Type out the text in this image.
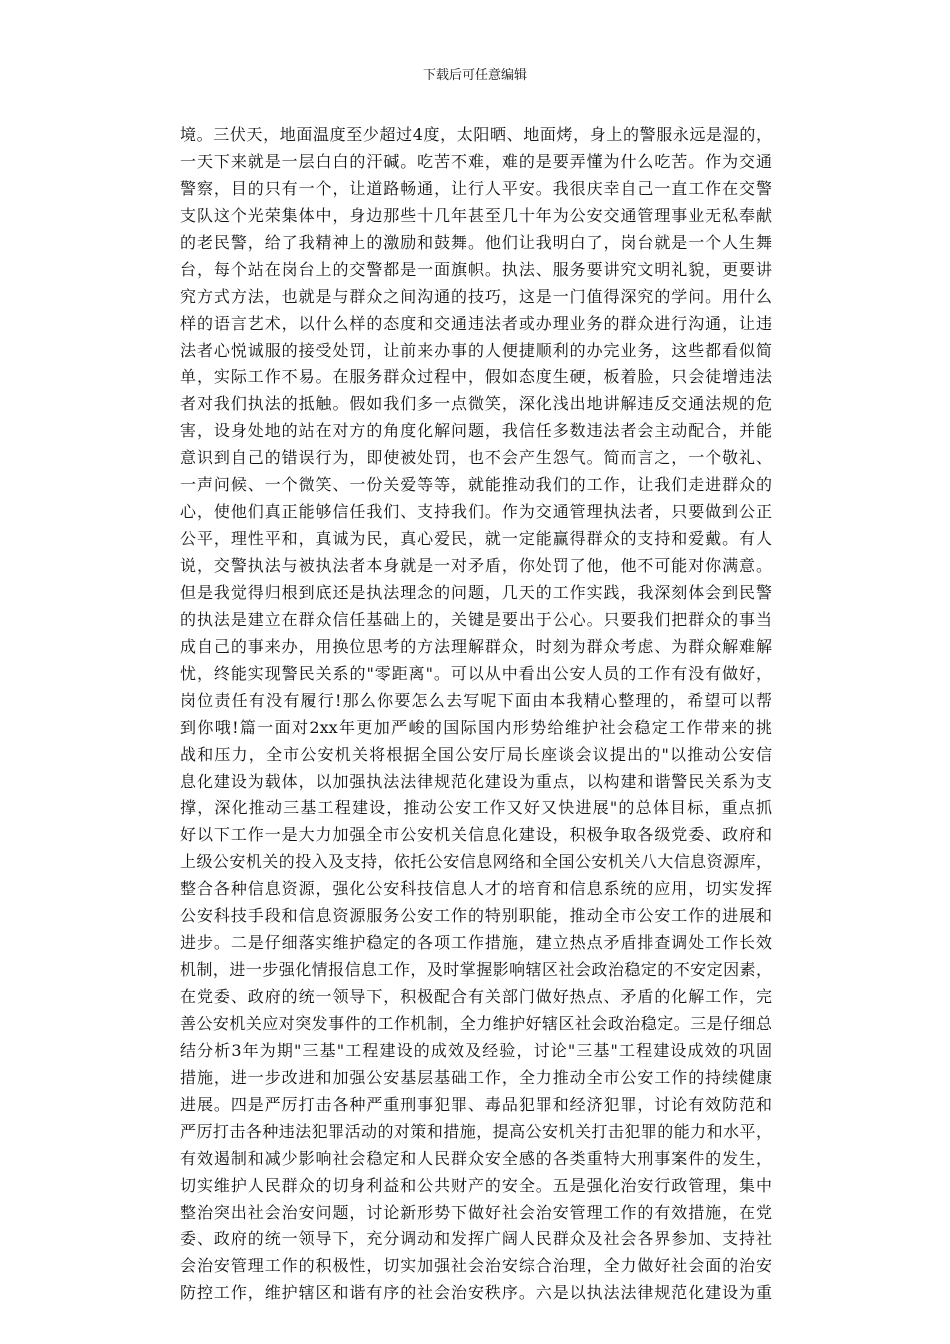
下载后可任意编辑
境。三伏天，地面温度至少超过4度，太阳晒、地面烤，身上的警服永远是湿的，
一天下来就是一层白白的汗碱。吃苦不难，难的是要弄懂为什么吃苦。作为交通
警察，目的只有一个，让道路畅通，让行人平安。我很庆幸自己一直工作在交警
支队这个光荣集体中，身边那些十几年甚至几十年为公安交通管理事业无私奉献
的老民警，给了我精神上的激励和鼓舞。他们让我明白了，岗台就是一个人生舞
台，每个站在岗台上的交警都是一面旗帜。执法、服务要讲究文明礼貌，更要讲
究方式方法，也就是与群众之间沟通的技巧，这是一门值得深究的学问。用什么
样的语言艺术，以什么样的态度和交通违法者或办理业务的群众进行沟通，让违
法者心悦诚服的接受处罚，让前来办事的人便捷顺利的办完业务，这些都看似简
单，实际工作不易。在服务群众过程中，假如态度生硬，板着脸，只会徒增违法
者对我们执法的抵触。假如我们多一点微笑，深化浅出地讲解违反交通法规的危
害，设身处地的站在对方的角度化解问题，我信任多数违法者会主动配合，并能
意识到自己的错误行为，即使被处罚，也不会产生怨气。简而言之，一个敬礼、
一声问候、一个微笑、一份关爱等等，就能推动我们的工作，让我们走进群众的
心，使他们真正能够信任我们、支持我们。作为交通管理执法者，只要做到公正
公平，理性平和，真诚为民，真心爱民，就一定能赢得群众的支持和爱戴。有人
说，交警执法与被执法者本身就是一对矛盾，你处罚了他，他不可能对你满意。
但是我觉得归根到底还是执法理念的问题，几天的工作实践，我深刻体会到民警
的执法是建立在群众信任基础上的，关键是要出于公心。只要我们把群众的事当
成自己的事来办，用换位思考的方法理解群众，时刻为群众考虑、为群众解难解
忧，终能实现警民关系的"零距离"。可以从中看出公安人员的工作有没有做好，
岗位责任有没有履行!那么你要怎么去写呢下面由本我精心整理的，希望可以帮
到你哦!篇一面对2xx年更加严峻的国际国内形势给维护社会稳定工作带来的挑
战和压力，全市公安机关将根据全国公安厅局长座谈会议提出的"以推动公安信
息化建设为载体，以加强执法法律规范化建设为重点，以构建和谐警民关系为支
撑，深化推动三基工程建设，推动公安工作又好又快进展"的总体目标，重点抓
好以下工作一是大力加强全市公安机关信息化建设，积极争取各级党委、政府和
上级公安机关的投入及支持，依托公安信息网络和全国公安机关八大信息资源库，
整合各种信息资源，强化公安科技信息人才的培育和信息系统的应用，切实发挥
公安科技手段和信息资源服务公安工作的特别职能，推动全市公安工作的进展和
进步。二是仔细落实维护稳定的各项工作措施，建立热点矛盾排查调处工作长效
机制，进一步强化情报信息工作，及时掌握影响辖区社会政治稳定的不安定因素，
在党委、政府的统一领导下，积极配合有关部门做好热点、矛盾的化解工作，完
善公安机关应对突发事件的工作机制，全力维护好辖区社会政治稳定。三是仔细总
结分析3年为期"三基"工程建设的成效及经验，讨论"三基"工程建设成效的巩固
措施，进一步改进和加强公安基层基础工作，全力推动全市公安工作的持续健康
进展。四是严厉打击各种严重刑事犯罪、毒品犯罪和经济犯罪，讨论有效防范和
严厉打击各种违法犯罪活动的对策和措施，提高公安机关打击犯罪的能力和水平，
有效遏制和减少影响社会稳定和人民群众安全感的各类重特大刑事案件的发生，
切实维护人民群众的切身利益和公共财产的安全。五是强化治安行政管理，集中
整治突出社会治安问题，讨论新形势下做好社会治安管理工作的有效措施，在党
委、政府的统一领导下，充分调动和发挥广阔人民群众及社会各界参加、支持社
会治安管理工作的积极性，切实加强社会治安综合治理，全力做好社会面的治安
防控工作，维护辖区和谐有序的社会治安秩序。六是以执法法律规范化建设为重
